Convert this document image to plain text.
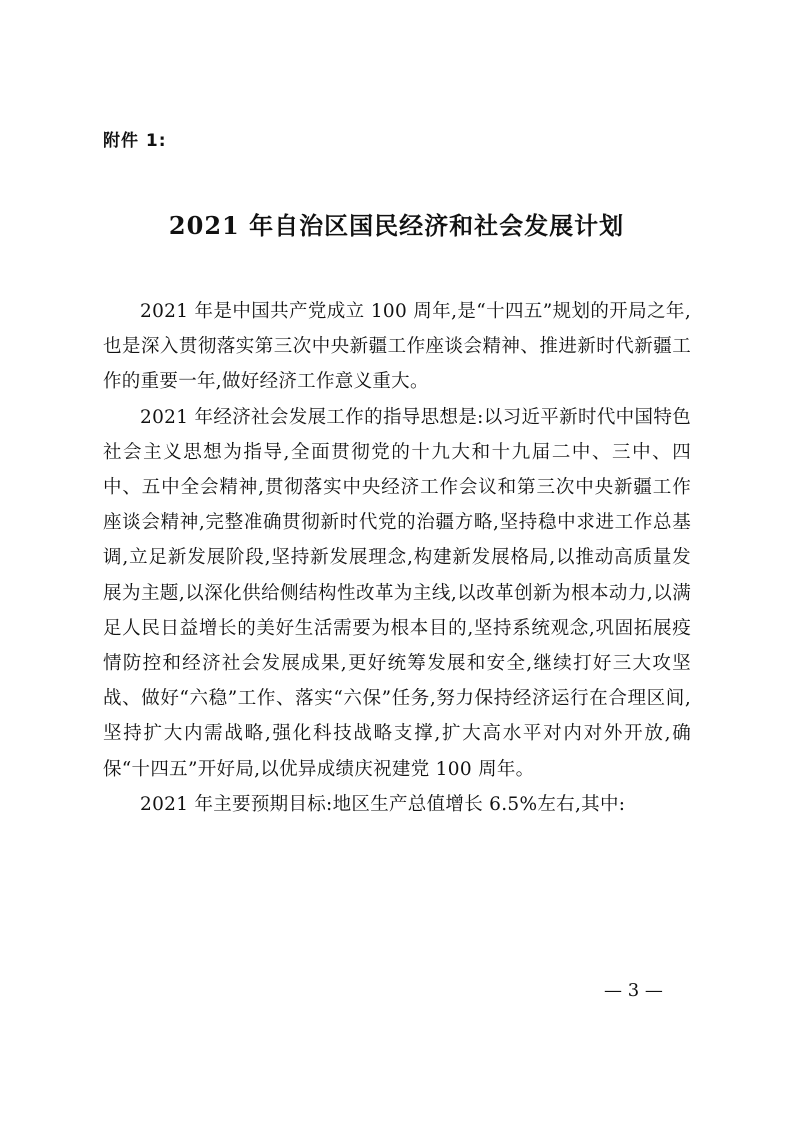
附件 1:
2021 年自治区国民经济和社会发展计划

2021 年是中国共产党成立 100 周年,是“十四五”规划的开局之年,也是深入贯彻落实第三次中央新疆工作座谈会精神、推进新时代新疆工作的重要一年,做好经济工作意义重大。

2021 年经济社会发展工作的指导思想是:以习近平新时代中国特色社会主义思想为指导,全面贯彻党的十九大和十九届二中、三中、四中、五中全会精神,贯彻落实中央经济工作会议和第三次中央新疆工作座谈会精神,完整准确贯彻新时代党的治疆方略,坚持稳中求进工作总基调,立足新发展阶段,坚持新发展理念,构建新发展格局,以推动高质量发展为主题,以深化供给侧结构性改革为主线,以改革创新为根本动力,以满足人民日益增长的美好生活需要为根本目的,坚持系统观念,巩固拓展疫情防控和经济社会发展成果,更好统筹发展和安全,继续打好三大攻坚战、做好“六稳”工作、落实“六保”任务,努力保持经济运行在合理区间,坚持扩大内需战略,强化科技战略支撑,扩大高水平对内对外开放,确保“十四五”开好局,以优异成绩庆祝建党 100 周年。

2021 年主要预期目标:地区生产总值增长 6.5%左右,其中:

— 3 —
